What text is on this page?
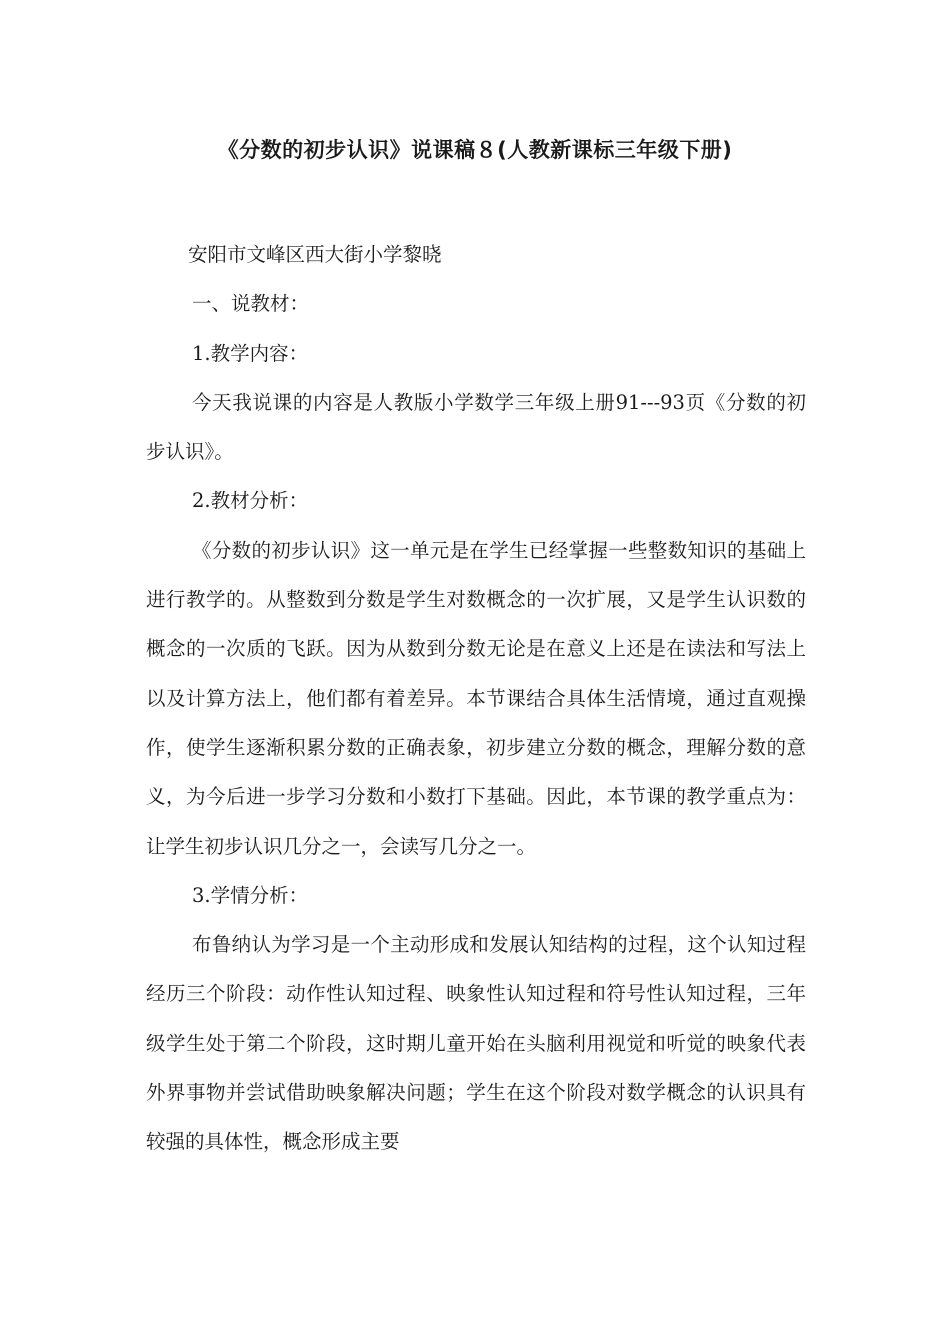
《分数的初步认识》说课稿８(人教新课标三年级下册)

安阳市文峰区西大街小学黎晓

一、说教材：

1.教学内容：

今天我说课的内容是人教版小学数学三年级上册91---93页《分数的初步认识》。

2.教材分析：

《分数的初步认识》这一单元是在学生已经掌握一些整数知识的基础上进行教学的。从整数到分数是学生对数概念的一次扩展，又是学生认识数的概念的一次质的飞跃。因为从数到分数无论是在意义上还是在读法和写法上以及计算方法上，他们都有着差异。本节课结合具体生活情境，通过直观操作，使学生逐渐积累分数的正确表象，初步建立分数的概念，理解分数的意义，为今后进一步学习分数和小数打下基础。因此，本节课的教学重点为：让学生初步认识几分之一，会读写几分之一。

3.学情分析：

布鲁纳认为学习是一个主动形成和发展认知结构的过程，这个认知过程经历三个阶段：动作性认知过程、映象性认知过程和符号性认知过程，三年级学生处于第二个阶段，这时期儿童开始在头脑利用视觉和听觉的映象代表外界事物并尝试借助映象解决问题；学生在这个阶段对数学概念的认识具有较强的具体性，概念形成主要
